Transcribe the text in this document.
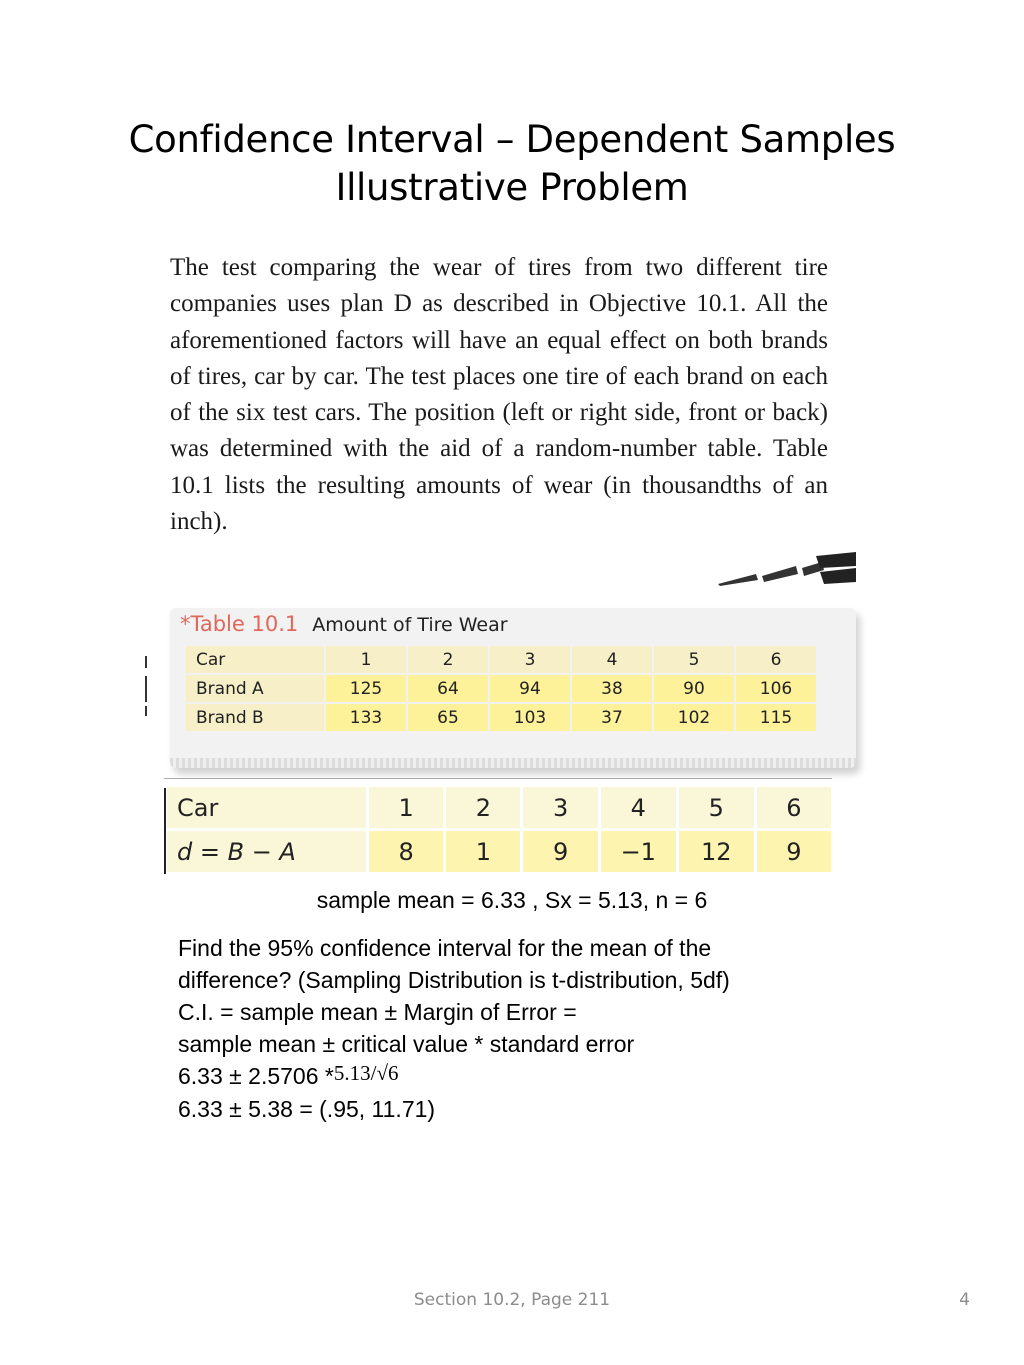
Confidence Interval – Dependent Samples
Illustrative Problem
The test comparing the wear of tires from two different tire companies uses plan D as described in Objective 10.1. All the aforementioned factors will have an equal effect on both brands of tires, car by car. The test places one tire of each brand on each of the six test cars. The position (left or right side, front or back) was determined with the aid of a random-number table. Table 10.1 lists the resulting amounts of wear (in thousandths of an inch).
*Table 10.1 Amount of Tire Wear
Car	1	2	3	4	5	6
Brand A	125	64	94	38	90	106
Brand B	133	65	103	37	102	115
Car	1	2	3	4	5	6
d = B − A	8	1	9	−1	12	9
sample mean = 6.33 , Sx = 5.13, n = 6
Find the 95% confidence interval for the mean of the
difference? (Sampling Distribution is t-distribution, 5df)
C.I. = sample mean ± Margin of Error =
sample mean ± critical value * standard error
6.33 ± 2.5706 *5.13/√6
6.33 ± 5.38 = (.95, 11.71)
Section 10.2, Page 211	4
